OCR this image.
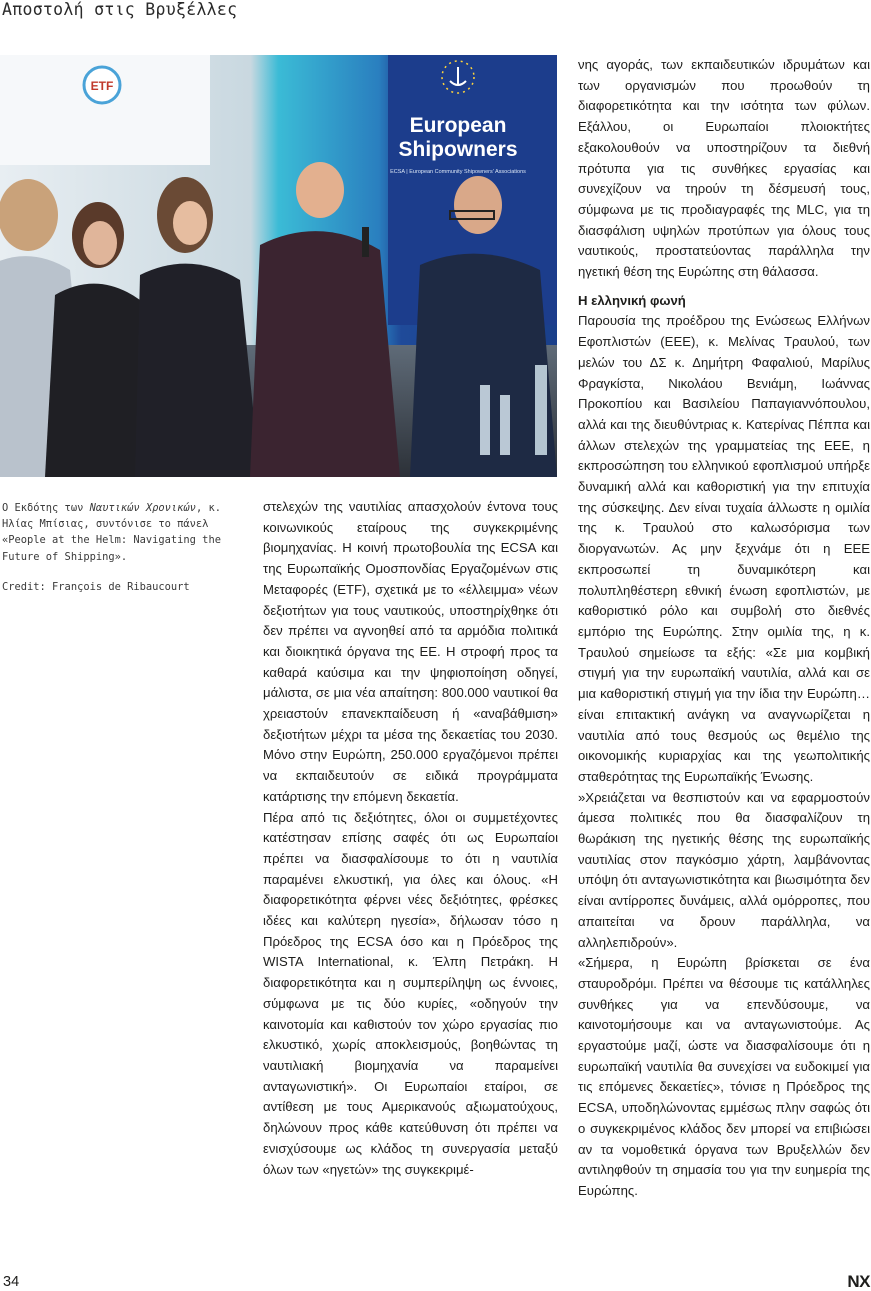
Αποστολή στις Βρυξέλλες
ETF
European
Shipowners
ECSA | European Community Shipowners' Associations
Ο Εκδότης των Ναυτικών Χρονικών, κ. Ηλίας Μπίσιας, συντόνισε το πάνελ «People at the Helm: Navigating the Future of Shipping».
Credit: François de Ribaucourt

στελεχών της ναυτιλίας απασχολούν έντονα τους κοινωνικούς εταίρους της συγκεκριμένης βιομηχανίας. Η κοινή πρωτοβουλία της ECSA και της Ευρωπαϊκής Ομοσπονδίας Εργαζομένων στις Μεταφορές (ETF), σχετικά με το «έλλειμμα» νέων δεξιοτήτων για τους ναυτικούς, υποστηρίχθηκε ότι δεν πρέπει να αγνοηθεί από τα αρμόδια πολιτικά και διοικητικά όργανα της ΕΕ. Η στροφή προς τα καθαρά καύσιμα και την ψηφιοποίηση οδηγεί, μάλιστα, σε μια νέα απαίτηση: 800.000 ναυτικοί θα χρειαστούν επανεκπαίδευση ή «αναβάθμιση» δεξιοτήτων μέχρι τα μέσα της δεκαετίας του 2030. Μόνο στην Ευρώπη, 250.000 εργαζόμενοι πρέπει να εκπαιδευτούν σε ειδικά προγράμματα κατάρτισης την επόμενη δεκαετία.

Πέρα από τις δεξιότητες, όλοι οι συμμετέχοντες κατέστησαν επίσης σαφές ότι ως Ευρωπαίοι πρέπει να διασφαλίσουμε το ότι η ναυτιλία παραμένει ελκυστική, για όλες και όλους. «Η διαφορετικότητα φέρνει νέες δεξιότητες, φρέσκες ιδέες και καλύτερη ηγεσία», δήλωσαν τόσο η Πρόεδρος της ECSA όσο και η Πρόεδρος της WISTA International, κ. Έλπη Πετράκη. Η διαφορετικότητα και η συμπερίληψη ως έννοιες, σύμφωνα με τις δύο κυρίες, «οδηγούν την καινοτομία και καθιστούν τον χώρο εργασίας πιο ελκυστικό, χωρίς αποκλεισμούς, βοηθώντας τη ναυτιλιακή βιομηχανία να παραμείνει ανταγωνιστική». Οι Ευρωπαίοι εταίροι, σε αντίθεση με τους Αμερικανούς αξιωματούχους, δηλώνουν προς κάθε κατεύθυνση ότι πρέπει να ενισχύσουμε ως κλάδος τη συνεργασία μεταξύ όλων των «ηγετών» της συγκεκριμέ-

νης αγοράς, των εκπαιδευτικών ιδρυμάτων και των οργανισμών που προωθούν τη διαφορετικότητα και την ισότητα των φύλων. Εξάλλου, οι Ευρωπαίοι πλοιοκτήτες εξακολουθούν να υποστηρίζουν τα διεθνή πρότυπα για τις συνθήκες εργασίας και συνεχίζουν να τηρούν τη δέσμευσή τους, σύμφωνα με τις προδιαγραφές της MLC, για τη διασφάλιση υψηλών προτύπων για όλους τους ναυτικούς, προστατεύοντας παράλληλα την ηγετική θέση της Ευρώπης στη θάλασσα.

Η ελληνική φωνή

Παρουσία της προέδρου της Ενώσεως Ελλήνων Εφοπλιστών (ΕΕΕ), κ. Μελίνας Τραυλού, των μελών του ΔΣ κ. Δημήτρη Φαφαλιού, Μαρίλυς Φραγκίστα, Νικολάου Βενιάμη, Ιωάννας Προκοπίου και Βασιλείου Παπαγιαννόπουλου, αλλά και της διευθύντριας κ. Κατερίνας Πέππα και άλλων στελεχών της γραμματείας της ΕΕΕ, η εκπροσώπηση του ελληνικού εφοπλισμού υπήρξε δυναμική αλλά και καθοριστική για την επιτυχία της σύσκεψης. Δεν είναι τυχαία άλλωστε η ομιλία της κ. Τραυλού στο καλωσόρισμα των διοργανωτών. Ας μην ξεχνάμε ότι η ΕΕΕ εκπροσωπεί τη δυναμικότερη και πολυπληθέστερη εθνική ένωση εφοπλιστών, με καθοριστικό ρόλο και συμβολή στο διεθνές εμπόριο της Ευρώπης. Στην ομιλία της, η κ. Τραυλού σημείωσε τα εξής: «Σε μια κομβική στιγμή για την ευρωπαϊκή ναυτιλία, αλλά και σε μια καθοριστική στιγμή για την ίδια την Ευρώπη… είναι επιτακτική ανάγκη να αναγνωρίζεται η ναυτιλία από τους θεσμούς ως θεμέλιο της οικονομικής κυριαρχίας και της γεωπολιτικής σταθερότητας της Ευρωπαϊκής Ένωσης.

»Χρειάζεται να θεσπιστούν και να εφαρμοστούν άμεσα πολιτικές που θα διασφαλίζουν τη θωράκιση της ηγετικής θέσης της ευρωπαϊκής ναυτιλίας στον παγκόσμιο χάρτη, λαμβάνοντας υπόψη ότι ανταγωνιστικότητα και βιωσιμότητα δεν είναι αντίρροπες δυνάμεις, αλλά ομόρροπες, που απαιτείται να δρουν παράλληλα, να αλληλεπιδρούν».

«Σήμερα, η Ευρώπη βρίσκεται σε ένα σταυροδρόμι. Πρέπει να θέσουμε τις κατάλληλες συνθήκες για να επενδύσουμε, να καινοτομήσουμε και να ανταγωνιστούμε. Ας εργαστούμε μαζί, ώστε να διασφαλίσουμε ότι η ευρωπαϊκή ναυτιλία θα συνεχίσει να ευδοκιμεί για τις επόμενες δεκαετίες», τόνισε η Πρόεδρος της ECSA, υποδηλώνοντας εμμέσως πλην σαφώς ότι ο συγκεκριμένος κλάδος δεν μπορεί να επιβιώσει αν τα νομοθετικά όργανα των Βρυξελλών δεν αντιληφθούν τη σημασία του για την ευημερία της Ευρώπης.

34	NX
